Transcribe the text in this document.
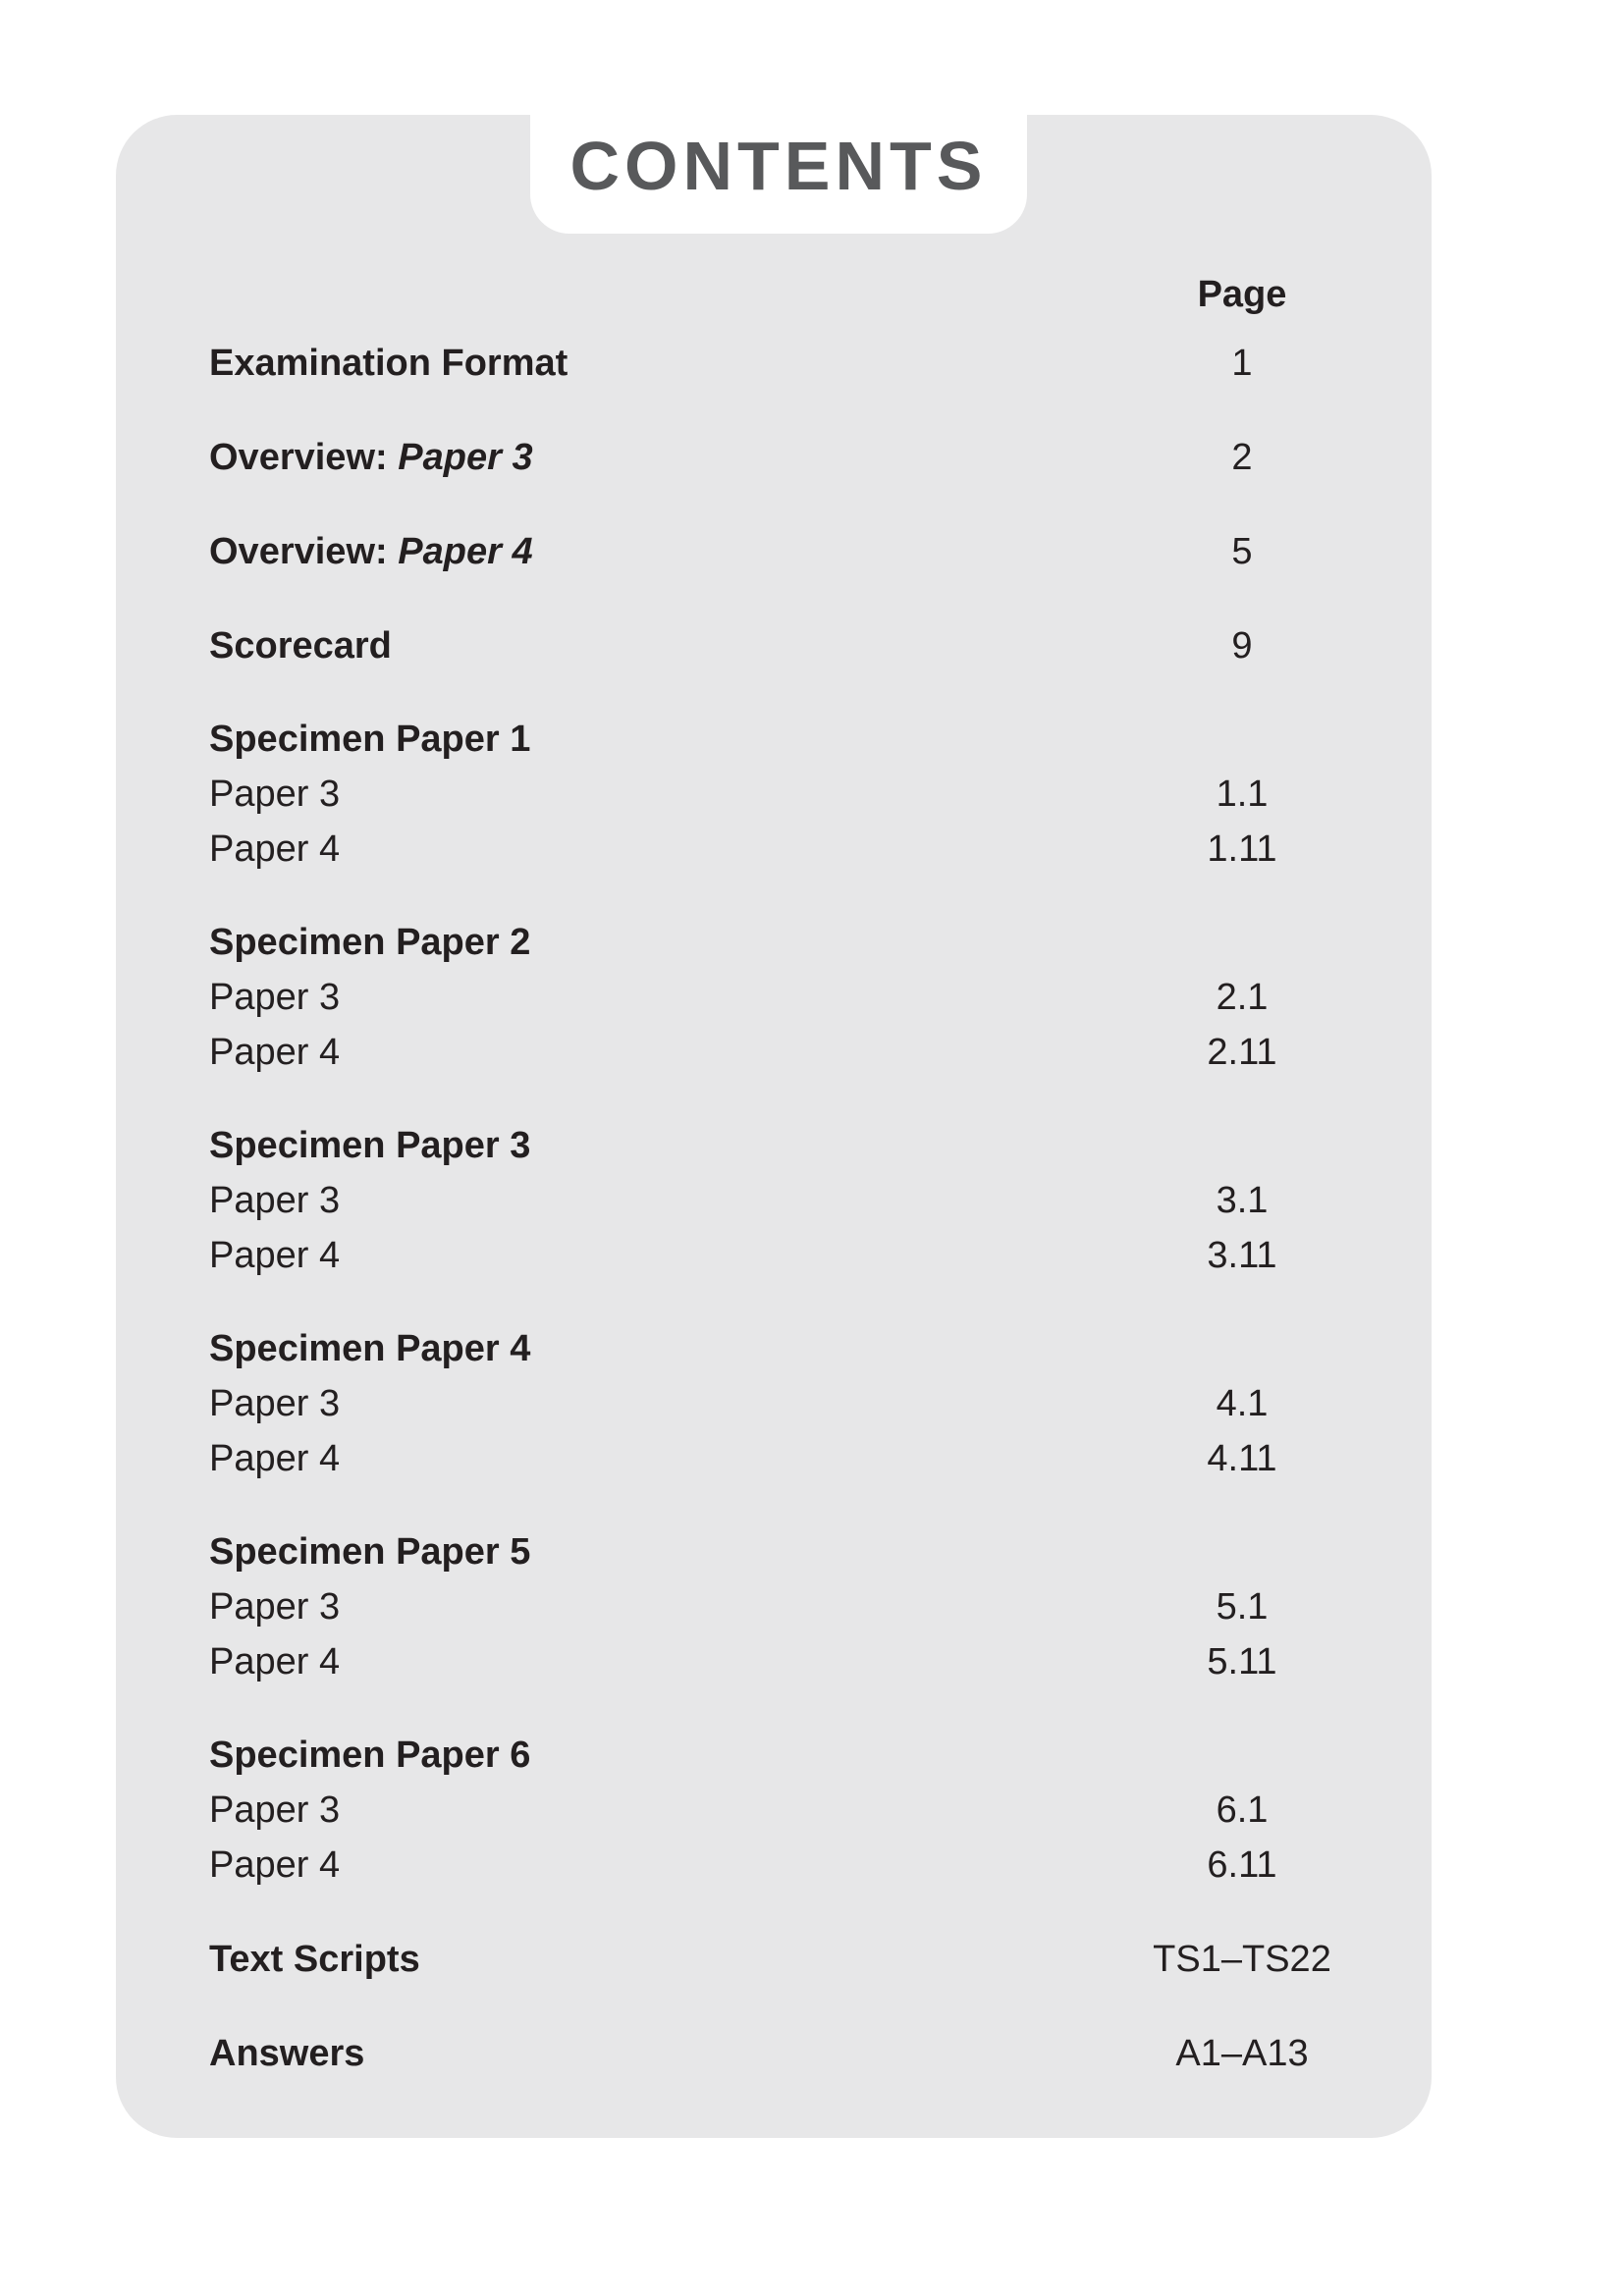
CONTENTS
Page
Examination Format	1
Overview: Paper 3	2
Overview: Paper 4	5
Scorecard	9
Specimen Paper 1
Paper 3	1.1
Paper 4	1.11
Specimen Paper 2
Paper 3	2.1
Paper 4	2.11
Specimen Paper 3
Paper 3	3.1
Paper 4	3.11
Specimen Paper 4
Paper 3	4.1
Paper 4	4.11
Specimen Paper 5
Paper 3	5.1
Paper 4	5.11
Specimen Paper 6
Paper 3	6.1
Paper 4	6.11
Text Scripts	TS1–TS22
Answers	A1–A13
